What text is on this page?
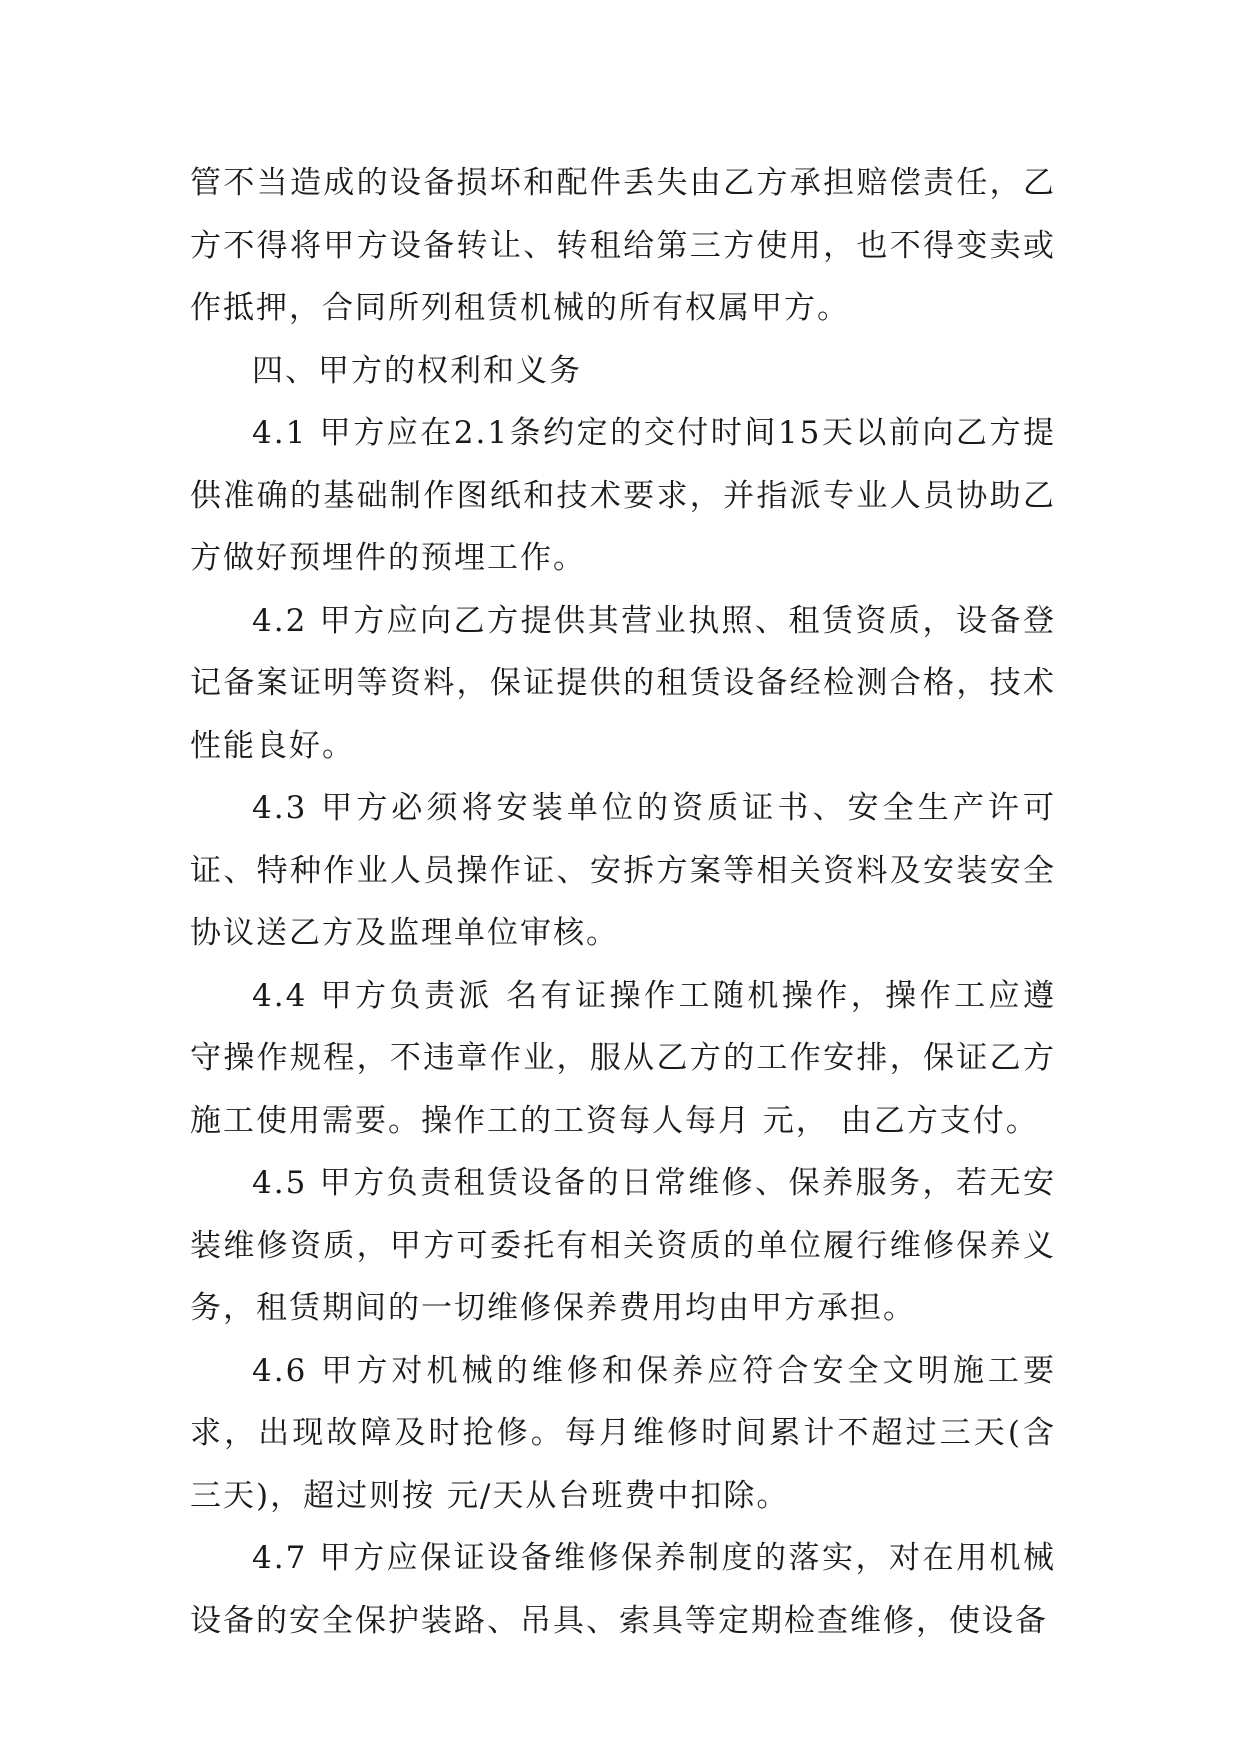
管不当造成的设备损坏和配件丢失由乙方承担赔偿责任，乙方不得将甲方设备转让、转租给第三方使用，也不得变卖或作抵押，合同所列租赁机械的所有权属甲方。

四、甲方的权利和义务

4.1 甲方应在2.1条约定的交付时间15天以前向乙方提供准确的基础制作图纸和技术要求，并指派专业人员协助乙方做好预埋件的预埋工作。

4.2 甲方应向乙方提供其营业执照、租赁资质，设备登记备案证明等资料，保证提供的租赁设备经检测合格，技术性能良好。

4.3 甲方必须将安装单位的资质证书、安全生产许可证、特种作业人员操作证、安拆方案等相关资料及安装安全协议送乙方及监理单位审核。

4.4 甲方负责派 名有证操作工随机操作，操作工应遵守操作规程，不违章作业，服从乙方的工作安排，保证乙方施工使用需要。操作工的工资每人每月 元， 由乙方支付。

4.5 甲方负责租赁设备的日常维修、保养服务，若无安装维修资质，甲方可委托有相关资质的单位履行维修保养义务，租赁期间的一切维修保养费用均由甲方承担。

4.6 甲方对机械的维修和保养应符合安全文明施工要求，出现故障及时抢修。每月维修时间累计不超过三天(含三天)，超过则按 元/天从台班费中扣除。

4.7 甲方应保证设备维修保养制度的落实，对在用机械设备的安全保护装路、吊具、索具等定期检查维修，使设备
